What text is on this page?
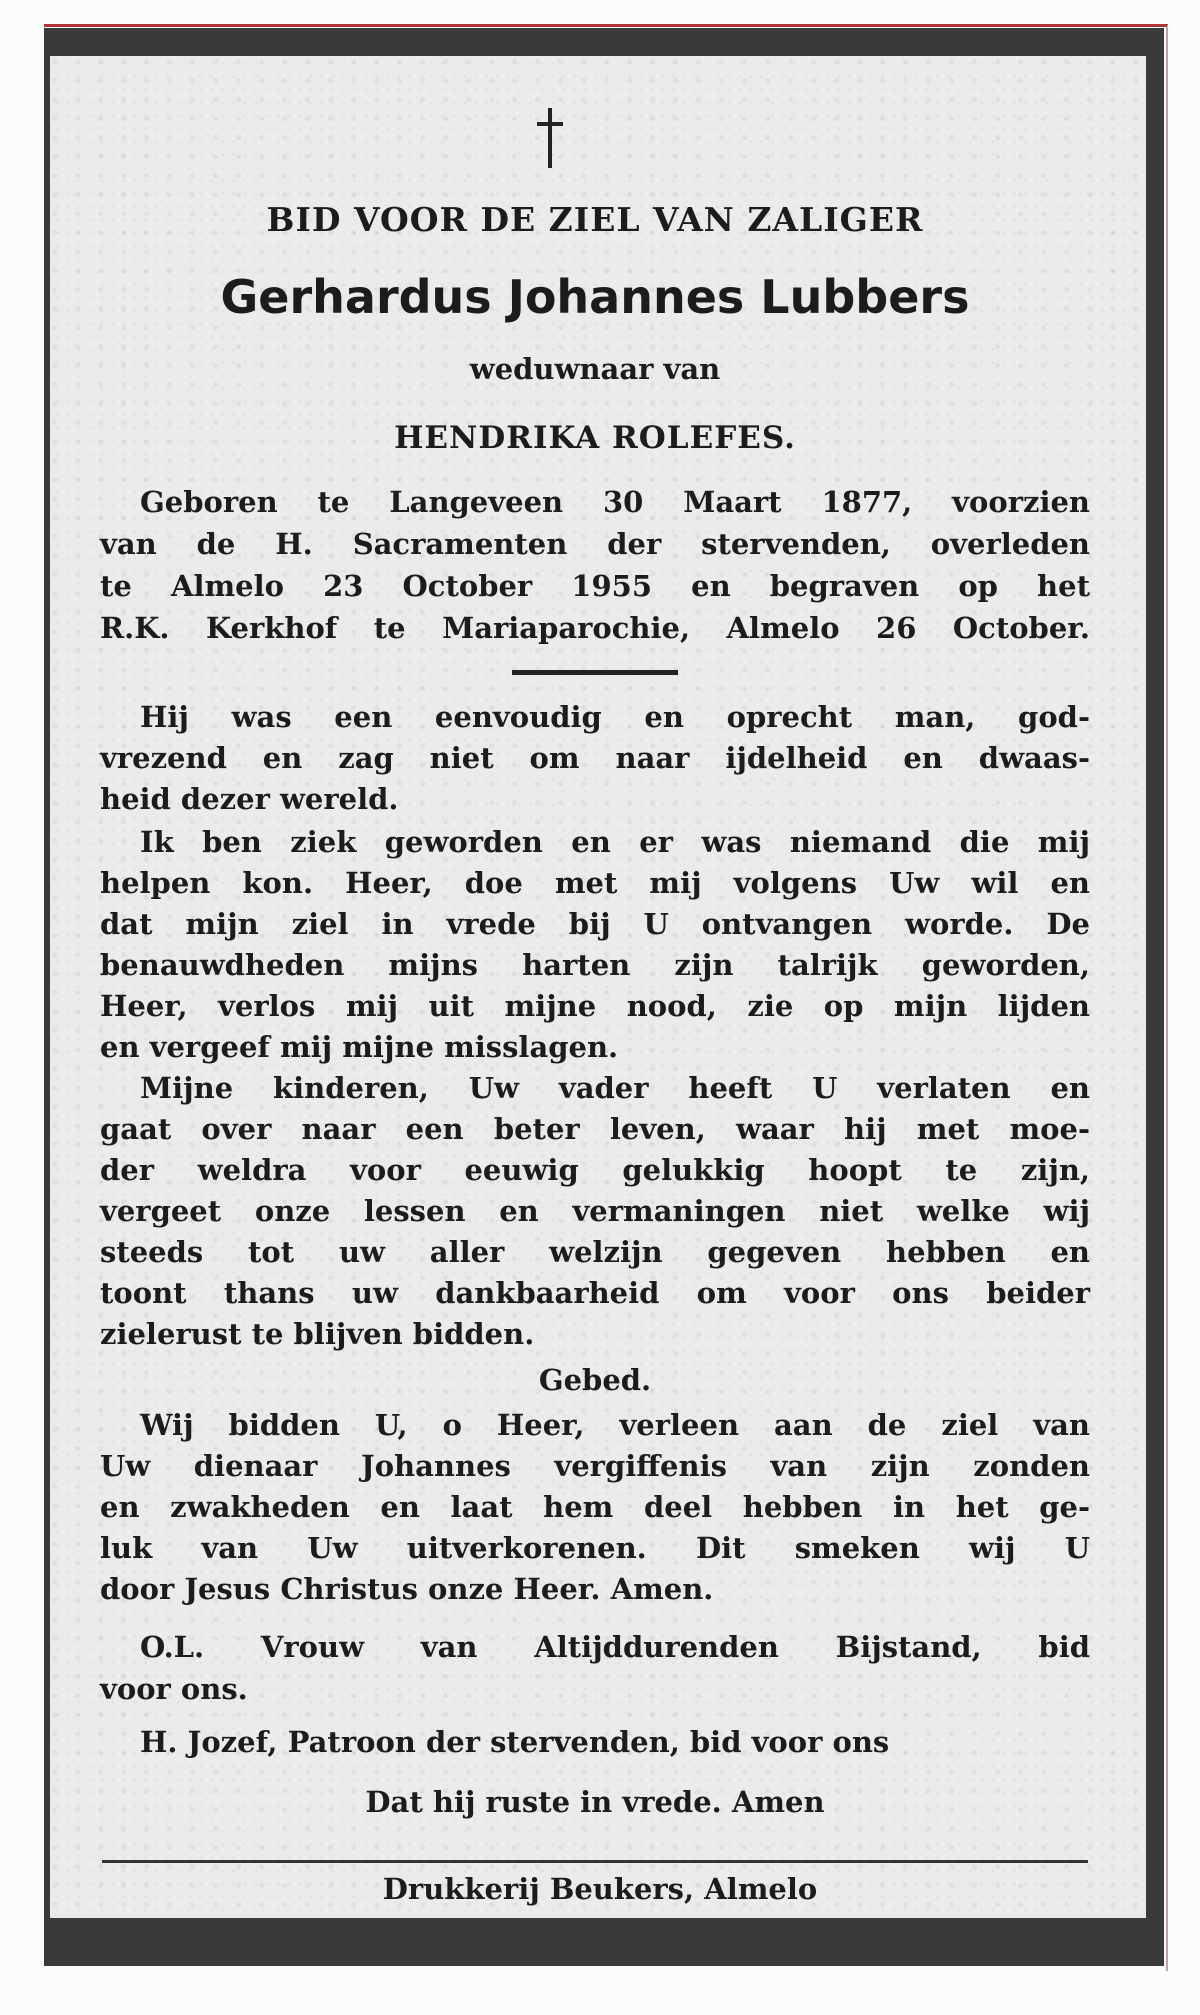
BID VOOR DE ZIEL VAN ZALIGER
Gerhardus Johannes Lubbers
weduwnaar van
HENDRIKA ROLEFES.
Geboren te Langeveen 30 Maart 1877, voorzien
van de H. Sacramenten der stervenden, overleden
te Almelo 23 October 1955 en begraven op het
R.K. Kerkhof te Mariaparochie, Almelo 26 October.
Hij was een eenvoudig en oprecht man, god-
vrezend en zag niet om naar ijdelheid en dwaas-
heid dezer wereld.
Ik ben ziek geworden en er was niemand die mij
helpen kon. Heer, doe met mij volgens Uw wil en
dat mijn ziel in vrede bij U ontvangen worde. De
benauwdheden mijns harten zijn talrijk geworden,
Heer, verlos mij uit mijne nood, zie op mijn lijden
en vergeef mij mijne misslagen.
Mijne kinderen, Uw vader heeft U verlaten en
gaat over naar een beter leven, waar hij met moe-
der weldra voor eeuwig gelukkig hoopt te zijn,
vergeet onze lessen en vermaningen niet welke wij
steeds tot uw aller welzijn gegeven hebben en
toont thans uw dankbaarheid om voor ons beider
zielerust te blijven bidden.
Gebed.
Wij bidden U, o Heer, verleen aan de ziel van
Uw dienaar Johannes vergiffenis van zijn zonden
en zwakheden en laat hem deel hebben in het ge-
luk van Uw uitverkorenen. Dit smeken wij U
door Jesus Christus onze Heer. Amen.
O.L. Vrouw van Altijddurenden Bijstand, bid
voor ons.
H. Jozef, Patroon der stervenden, bid voor ons
Dat hij ruste in vrede. Amen
Drukkerij Beukers, Almelo
